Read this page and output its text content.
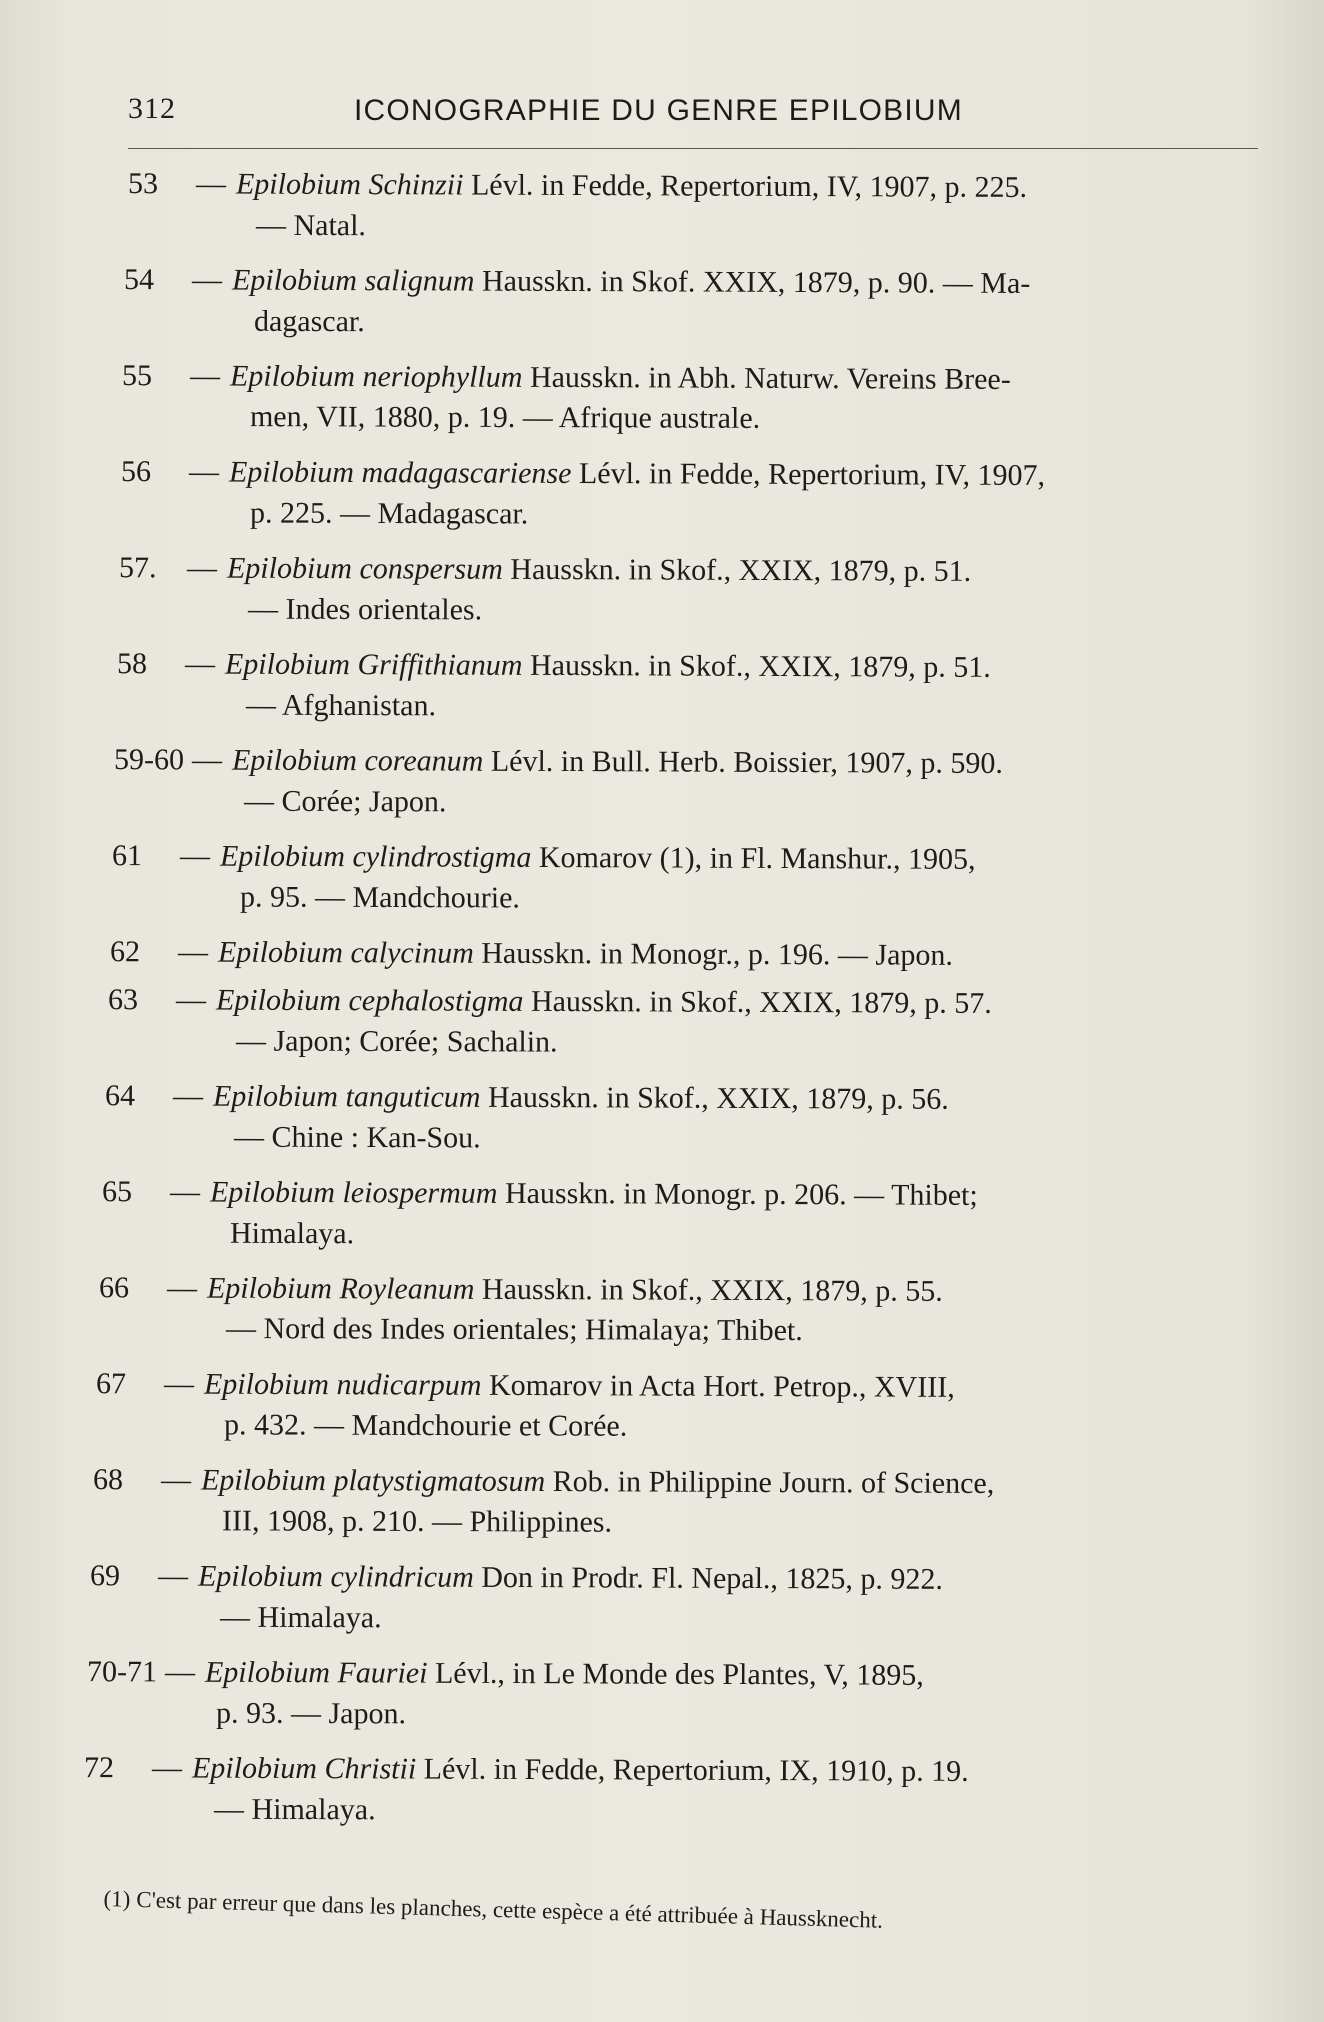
312	ICONOGRAPHIE DU GENRE EPILOBIUM
53 — Epilobium Schinzii Lévl. in Fedde, Repertorium, IV, 1907, p. 225.
— Natal.
54 — Epilobium salignum Hausskn. in Skof. XXIX, 1879, p. 90. — Ma-
dagascar.
55 — Epilobium neriophyllum Hausskn. in Abh. Naturw. Vereins Bree-
men, VII, 1880, p. 19. — Afrique australe.
56 — Epilobium madagascariense Lévl. in Fedde, Repertorium, IV, 1907,
p. 225. — Madagascar.
57. — Epilobium conspersum Hausskn. in Skof., XXIX, 1879, p. 51.
— Indes orientales.
58 — Epilobium Griffithianum Hausskn. in Skof., XXIX, 1879, p. 51.
— Afghanistan.
59-60 — Epilobium coreanum Lévl. in Bull. Herb. Boissier, 1907, p. 590.
— Corée; Japon.
61 — Epilobium cylindrostigma Komarov (1), in Fl. Manshur., 1905,
p. 95. — Mandchourie.
62 — Epilobium calycinum Hausskn. in Monogr., p. 196. — Japon.
63 — Epilobium cephalostigma Hausskn. in Skof., XXIX, 1879, p. 57.
— Japon; Corée; Sachalin.
64 — Epilobium tanguticum Hausskn. in Skof., XXIX, 1879, p. 56.
— Chine : Kan-Sou.
65 — Epilobium leiospermum Hausskn. in Monogr. p. 206. — Thibet;
Himalaya.
66 — Epilobium Royleanum Hausskn. in Skof., XXIX, 1879, p. 55.
— Nord des Indes orientales; Himalaya; Thibet.
67 — Epilobium nudicarpum Komarov in Acta Hort. Petrop., XVIII,
p. 432. — Mandchourie et Corée.
68 — Epilobium platystigmatosum Rob. in Philippine Journ. of Science,
III, 1908, p. 210. — Philippines.
69 — Epilobium cylindricum Don in Prodr. Fl. Nepal., 1825, p. 922.
— Himalaya.
70-71 — Epilobium Fauriei Lévl., in Le Monde des Plantes, V, 1895,
p. 93. — Japon.
72 — Epilobium Christii Lévl. in Fedde, Repertorium, IX, 1910, p. 19.
— Himalaya.
(1) C'est par erreur que dans les planches, cette espèce a été attribuée à Haussknecht.
